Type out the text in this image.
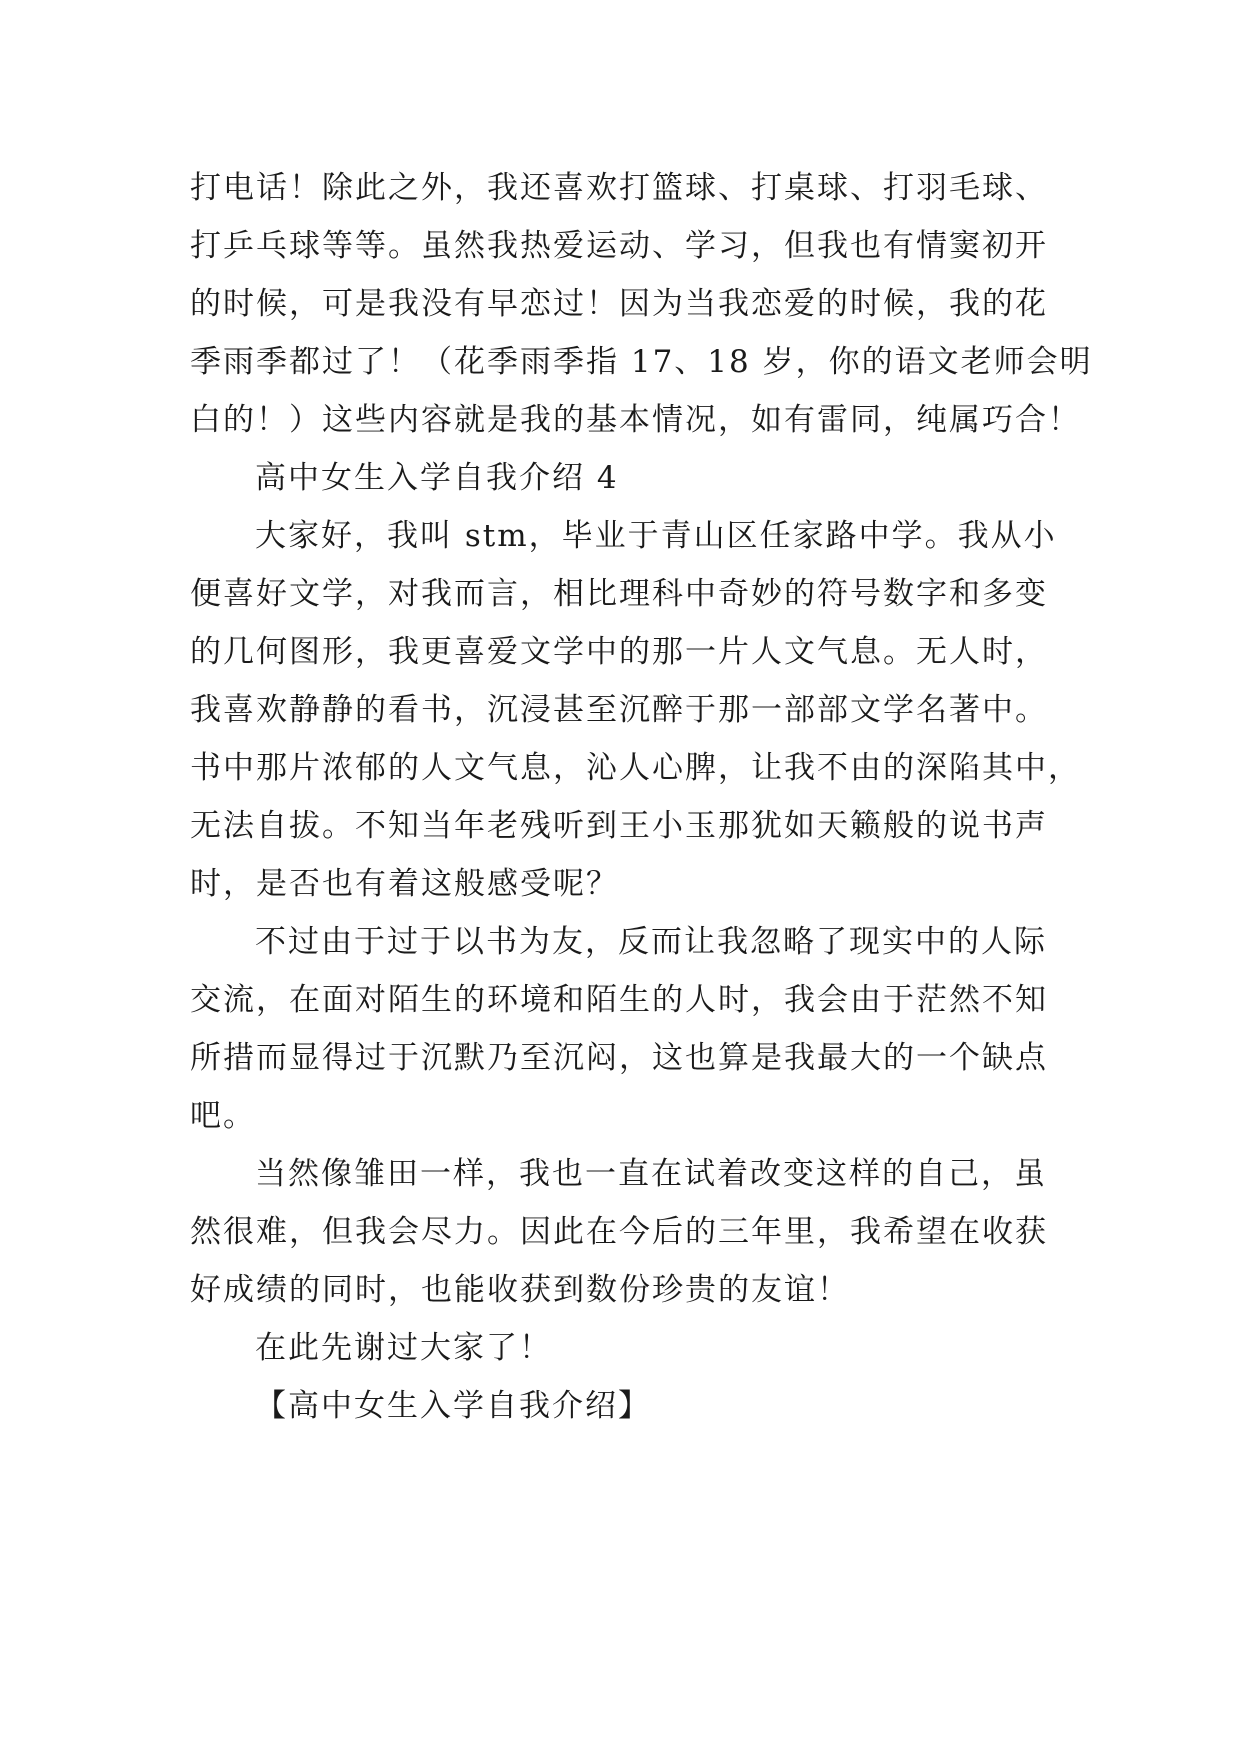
打电话！除此之外，我还喜欢打篮球、打桌球、打羽毛球、
打乒乓球等等。虽然我热爱运动、学习，但我也有情窦初开
的时候，可是我没有早恋过！因为当我恋爱的时候，我的花
季雨季都过了！（花季雨季指 17、18 岁，你的语文老师会明
白的！）这些内容就是我的基本情况，如有雷同，纯属巧合！
高中女生入学自我介绍 4
大家好，我叫 stm，毕业于青山区任家路中学。我从小
便喜好文学，对我而言，相比理科中奇妙的符号数字和多变
的几何图形，我更喜爱文学中的那一片人文气息。无人时，
我喜欢静静的看书，沉浸甚至沉醉于那一部部文学名著中。
书中那片浓郁的人文气息，沁人心脾，让我不由的深陷其中，
无法自拔。不知当年老残听到王小玉那犹如天籁般的说书声
时，是否也有着这般感受呢？
不过由于过于以书为友，反而让我忽略了现实中的人际
交流，在面对陌生的环境和陌生的人时，我会由于茫然不知
所措而显得过于沉默乃至沉闷，这也算是我最大的一个缺点
吧。
当然像雏田一样，我也一直在试着改变这样的自己，虽
然很难，但我会尽力。因此在今后的三年里，我希望在收获
好成绩的同时，也能收获到数份珍贵的友谊！
在此先谢过大家了！
【高中女生入学自我介绍】
